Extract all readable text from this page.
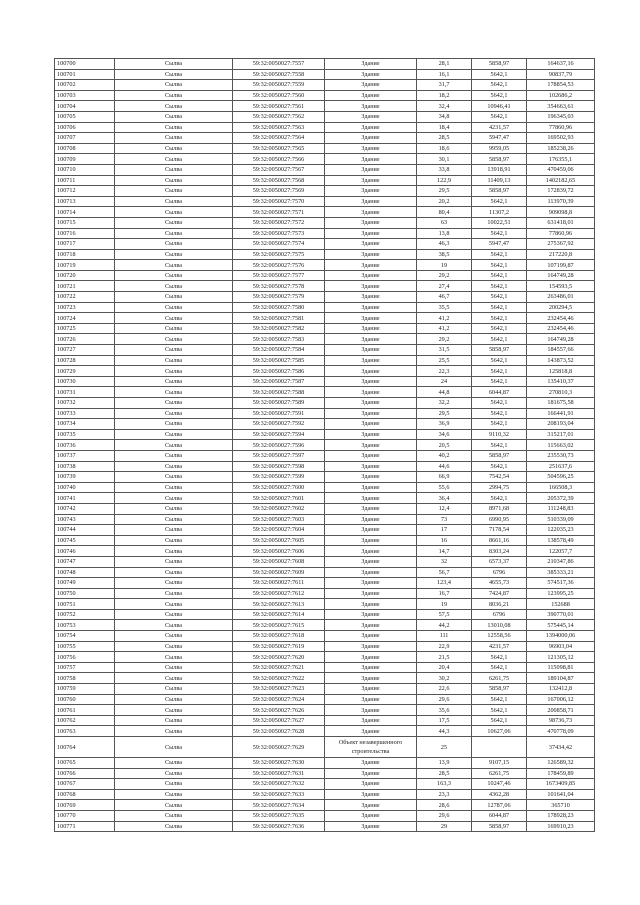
100700	Сылва	59:32:0050027:7557	Здание	28,1	5858,97	164637,16
100701	Сылва	59:32:0050027:7558	Здание	16,1	5642,1	90837,79
100702	Сылва	59:32:0050027:7559	Здание	31,7	5642,1	178854,53
100703	Сылва	59:32:0050027:7560	Здание	18,2	5642,1	102686,2
100704	Сылва	59:32:0050027:7561	Здание	32,4	10946,41	354663,61
100705	Сылва	59:32:0050027:7562	Здание	34,8	5642,1	196345,03
100706	Сылва	59:32:0050027:7563	Здание	18,4	4231,57	77860,96
100707	Сылва	59:32:0050027:7564	Здание	28,5	5947,47	169502,93
100708	Сылва	59:32:0050027:7565	Здание	18,6	9959,05	185238,26
100709	Сылва	59:32:0050027:7566	Здание	30,1	5858,97	176355,1
100710	Сылва	59:32:0050027:7567	Здание	33,8	13918,91	470459,06
100711	Сылва	59:32:0050027:7568	Здание	122,9	11409,13	1402182,65
100712	Сылва	59:32:0050027:7569	Здание	29,5	5858,97	172839,72
100713	Сылва	59:32:0050027:7570	Здание	20,2	5642,1	113970,39
100714	Сылва	59:32:0050027:7571	Здание	80,4	11307,2	909098,8
100715	Сылва	59:32:0050027:7572	Здание	63	10022,51	631418,01
100716	Сылва	59:32:0050027:7573	Здание	13,8	5642,1	77860,96
100717	Сылва	59:32:0050027:7574	Здание	46,3	5947,47	275367,92
100718	Сылва	59:32:0050027:7575	Здание	38,5	5642,1	217220,8
100719	Сылва	59:32:0050027:7576	Здание	19	5642,1	107199,87
100720	Сылва	59:32:0050027:7577	Здание	29,2	5642,1	164749,28
100721	Сылва	59:32:0050027:7578	Здание	27,4	5642,1	154593,5
100722	Сылва	59:32:0050027:7579	Здание	46,7	5642,1	263486,01
100723	Сылва	59:32:0050027:7580	Здание	35,5	5642,1	200294,5
100724	Сылва	59:32:0050027:7581	Здание	41,2	5642,1	232454,46
100725	Сылва	59:32:0050027:7582	Здание	41,2	5642,1	232454,46
100726	Сылва	59:32:0050027:7583	Здание	29,2	5642,1	164749,28
100727	Сылва	59:32:0050027:7584	Здание	31,5	5858,97	184557,66
100728	Сылва	59:32:0050027:7585	Здание	25,5	5642,1	143873,52
100729	Сылва	59:32:0050027:7586	Здание	22,3	5642,1	125818,8
100730	Сылва	59:32:0050027:7587	Здание	24	5642,1	135410,37
100731	Сылва	59:32:0050027:7588	Здание	44,8	6044,87	270810,3
100732	Сылва	59:32:0050027:7589	Здание	32,2	5642,1	181675,58
100733	Сылва	59:32:0050027:7591	Здание	29,5	5642,1	166441,91
100734	Сылва	59:32:0050027:7592	Здание	36,9	5642,1	208193,04
100735	Сылва	59:32:0050027:7594	Здание	34,6	9110,32	315217,01
100736	Сылва	59:32:0050027:7596	Здание	20,5	5642,1	115663,02
100737	Сылва	59:32:0050027:7597	Здание	40,2	5858,97	235530,73
100738	Сылва	59:32:0050027:7598	Здание	44,6	5642,1	251637,6
100739	Сылва	59:32:0050027:7599	Здание	66,9	7542,54	504596,25
100740	Сылва	59:32:0050027:7600	Здание	55,6	2994,75	166508,3
100741	Сылва	59:32:0050027:7601	Здание	36,4	5642,1	205372,39
100742	Сылва	59:32:0050027:7602	Здание	12,4	8971,68	111248,83
100743	Сылва	59:32:0050027:7603	Здание	73	6990,95	510339,09
100744	Сылва	59:32:0050027:7604	Здание	17	7178,54	122035,23
100745	Сылва	59:32:0050027:7605	Здание	16	8661,16	138578,49
100746	Сылва	59:32:0050027:7606	Здание	14,7	8303,24	122057,7
100747	Сылва	59:32:0050027:7608	Здание	32	6573,37	210347,86
100748	Сылва	59:32:0050027:7609	Здание	56,7	6796	385333,21
100749	Сылва	59:32:0050027:7611	Здание	123,4	4655,73	574517,36
100750	Сылва	59:32:0050027:7612	Здание	16,7	7424,87	123995,25
100751	Сылва	59:32:0050027:7613	Здание	19	8036,21	152688
100752	Сылва	59:32:0050027:7614	Здание	57,5	6796	390770,01
100753	Сылва	59:32:0050027:7615	Здание	44,2	13010,08	575445,14
100754	Сылва	59:32:0050027:7618	Здание	111	12558,56	1394000,06
100755	Сылва	59:32:0050027:7619	Здание	22,9	4231,57	96903,04
100756	Сылва	59:32:0050027:7620	Здание	21,5	5642,1	121305,12
100757	Сылва	59:32:0050027:7621	Здание	20,4	5642,1	115098,81
100758	Сылва	59:32:0050027:7622	Здание	30,2	6261,75	189104,87
100759	Сылва	59:32:0050027:7623	Здание	22,6	5858,97	132412,8
100760	Сылва	59:32:0050027:7624	Здание	29,6	5642,1	167006,12
100761	Сылва	59:32:0050027:7626	Здание	35,6	5642,1	200858,71
100762	Сылва	59:32:0050027:7627	Здание	17,5	5642,1	98736,73
100763	Сылва	59:32:0050027:7628	Здание	44,3	10627,06	470778,09
100764	Сылва	59:32:0050027:7629	Объект незавершенного строительства	25		37434,42
100765	Сылва	59:32:0050027:7630	Здание	13,9	9107,15	126589,32
100766	Сылва	59:32:0050027:7631	Здание	28,5	6261,75	178459,89
100767	Сылва	59:32:0050027:7632	Здание	163,3	10247,46	1673409,85
100768	Сылва	59:32:0050027:7633	Здание	23,3	4362,28	101641,04
100769	Сылва	59:32:0050027:7634	Здание	28,6	12787,06	365710
100770	Сылва	59:32:0050027:7635	Здание	29,6	6044,87	178928,23
100771	Сылва	59:32:0050027:7636	Здание	29	5858,97	169910,23
